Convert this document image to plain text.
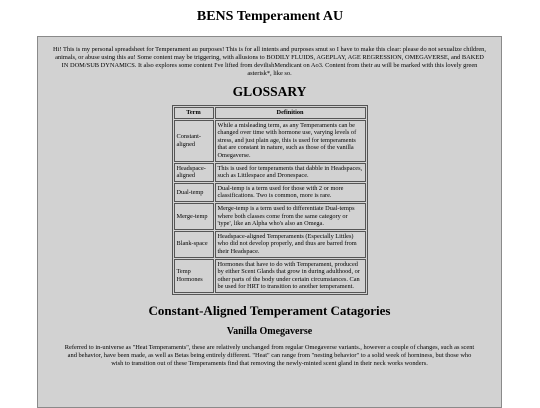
BENS Temperament AU

Hi! This is my personal spreadsheet for Temperament au purposes! This is for all intents and purposes smut so I have to make this clear: please do not sexualize children, animals, or abuse using this au! Some content may be triggering, with allusions to BODILY FLUIDS, AGEPLAY, AGE REGRESSION, OMEGAVERSE, and BAKED IN DOM/SUB DYNAMICS. It also explores some content I've lifted from devilishMendicant on Ao3. Content from their au will be marked with this lovely green asterisk*, like so.

GLOSSARY
Term	Definition
Constant-aligned	While a misleading term, as any Temperaments can be changed over time with hormone use, varying levels of stress, and just plain age, this is used for temperaments that are constant in nature, such as those of the vanilla Omegaverse.
Headspace-aligned	This is used for temperaments that dabble in Headspaces, such as Littlespace and Dronespace.
Dual-temp	Dual-temp is a term used for those with 2 or more classifications. Two is common, more is rare.
Merge-temp	Merge-temp is a term used to differentiate Dual-temps where both classes come from the same category or 'type', like an Alpha who's also an Omega.
Blank-space	Headspace-aligned Temperaments (Especially Littles) who did not develop properly, and thus are barred from their Headspace.
Temp Hormones	Hormones that have to do with Temperament, produced by either Scent Glands that grow in during adulthood, or other parts of the body under certain circumstances. Can be used for HRT to transition to another temperament.
Constant-Aligned Temperament Catagories
Vanilla Omegaverse

Referred to in-universe as "Heat Temperaments", these are relatively unchanged from regular Omegaverse variants., however a couple of changes, such as scent and behavior, have been made, as well as Betas being entirely different. "Heat" can range from "nesting behavior" to a solid week of horniness, but those who wish to transition out of these Temperaments find that removing the newly-minted scent gland in their neck works wonders.
